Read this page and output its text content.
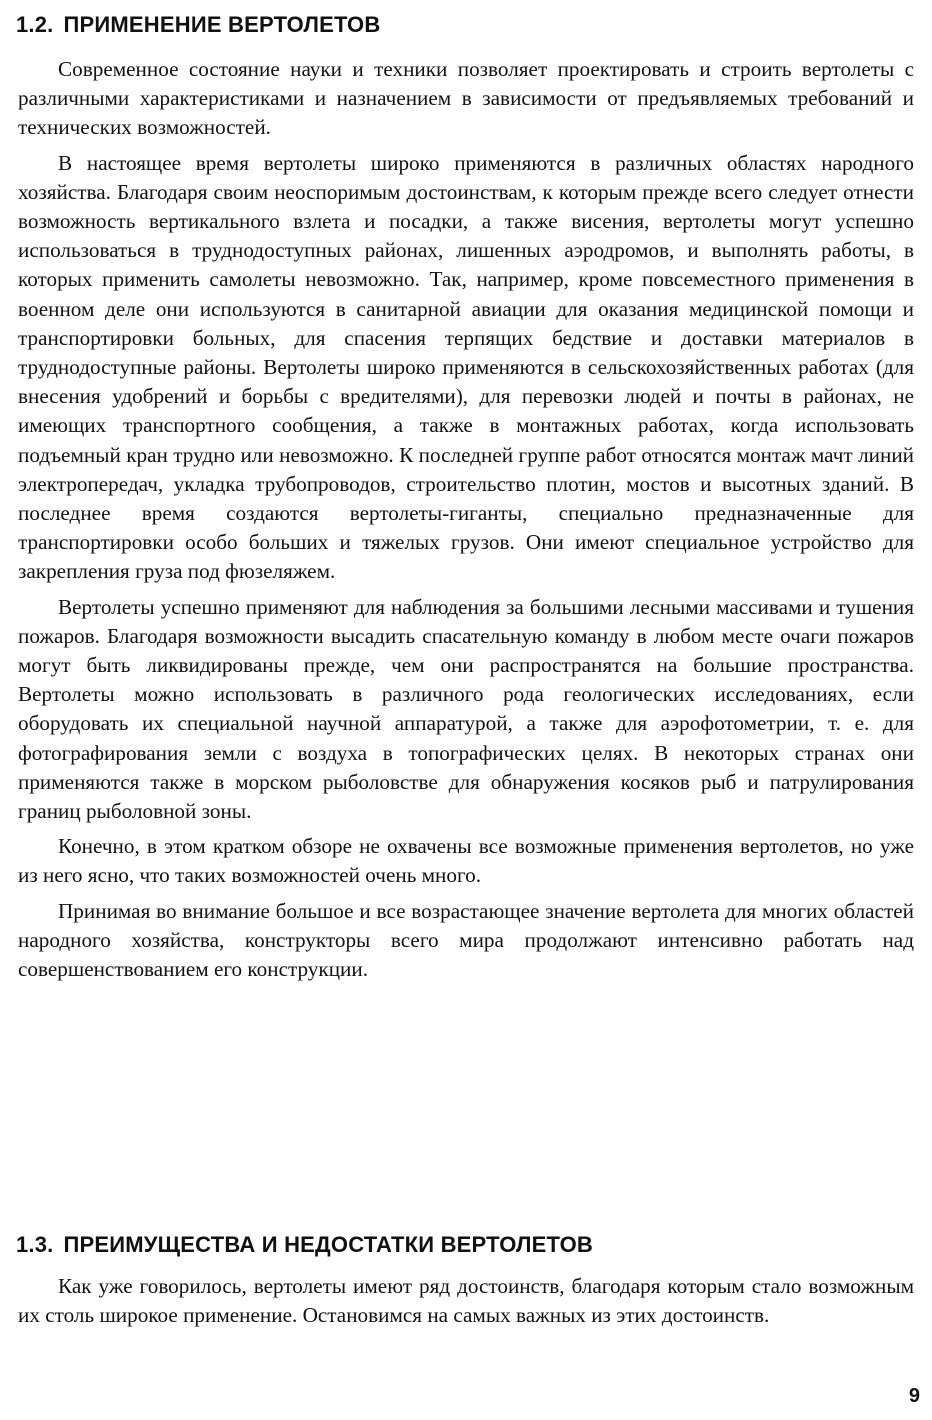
1.2. ПРИМЕНЕНИЕ ВЕРТОЛЕТОВ

Современное состояние науки и техники позволяет проектировать и строить вертолеты с различными характеристиками и назначением в зависимости от предъявляемых требований и технических возможностей.

В настоящее время вертолеты широко применяются в различных областях народного хозяйства. Благодаря своим неоспоримым достоинствам, к которым прежде всего следует отнести возможность вертикального взлета и посадки, а также висения, вертолеты могут успешно использоваться в труднодоступных районах, лишенных аэродромов, и выполнять работы, в которых применить самолеты невозможно. Так, например, кроме повсеместного применения в военном деле они используются в санитарной авиации для оказания медицинской помощи и транспортировки больных, для спасения терпящих бедствие и доставки материалов в труднодоступные районы. Вертолеты широко применяются в сельскохозяйственных работах (для внесения удобрений и борьбы с вредителями), для перевозки людей и почты в районах, не имеющих транспортного сообщения, а также в монтажных работах, когда использовать подъемный кран трудно или невозможно. К последней группе работ относятся монтаж мачт линий электропередач, укладка трубопроводов, строительство плотин, мостов и высотных зданий. В последнее время создаются вертолеты-гиганты, специально предназначенные для транспортировки особо больших и тяжелых грузов. Они имеют специальное устройство для закрепления груза под фюзеляжем.

Вертолеты успешно применяют для наблюдения за большими лесными массивами и тушения пожаров. Благодаря возможности высадить спасательную команду в любом месте очаги пожаров могут быть ликвидированы прежде, чем они распространятся на большие пространства. Вертолеты можно использовать в различного рода геологических исследованиях, если оборудовать их специальной научной аппаратурой, а также для аэрофотометрии, т. е. для фотографирования земли с воздуха в топографических целях. В некоторых странах они применяются также в морском рыболовстве для обнаружения косяков рыб и патрулирования границ рыболовной зоны.

Конечно, в этом кратком обзоре не охвачены все возможные применения вертолетов, но уже из него ясно, что таких возможностей очень много.

Принимая во внимание большое и все возрастающее значение вертолета для многих областей народного хозяйства, конструкторы всего мира продолжают интенсивно работать над совершенствованием его конструкции.

1.3. ПРЕИМУЩЕСТВА И НЕДОСТАТКИ ВЕРТОЛЕТОВ

Как уже говорилось, вертолеты имеют ряд достоинств, благодаря которым стало возможным их столь широкое применение. Остановимся на самых важных из этих достоинств.

9
